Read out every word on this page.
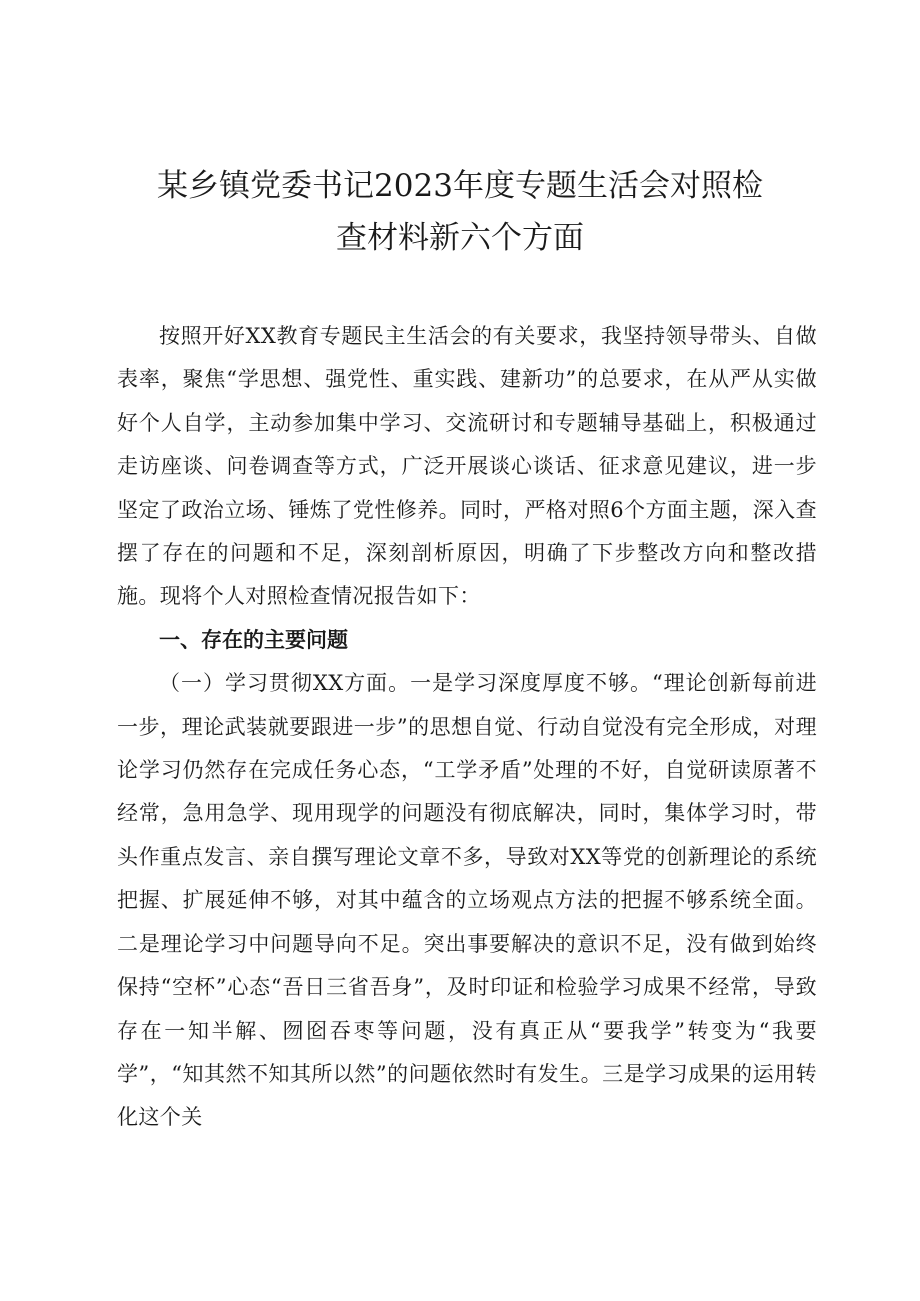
某乡镇党委书记2023年度专题生活会对照检
查材料新六个方面

按照开好XX教育专题民主生活会的有关要求，我坚持领导带头、自做表率，聚焦“学思想、强党性、重实践、建新功”的总要求，在从严从实做好个人自学，主动参加集中学习、交流研讨和专题辅导基础上，积极通过走访座谈、问卷调查等方式，广泛开展谈心谈话、征求意见建议，进一步坚定了政治立场、锤炼了党性修养。同时，严格对照6个方面主题，深入查摆了存在的问题和不足，深刻剖析原因，明确了下步整改方向和整改措施。现将个人对照检查情况报告如下：

一、存在的主要问题

（一）学习贯彻XX方面。一是学习深度厚度不够。“理论创新每前进一步，理论武装就要跟进一步”的思想自觉、行动自觉没有完全形成，对理论学习仍然存在完成任务心态，“工学矛盾”处理的不好，自觉研读原著不经常，急用急学、现用现学的问题没有彻底解决，同时，集体学习时，带头作重点发言、亲自撰写理论文章不多，导致对XX等党的创新理论的系统把握、扩展延伸不够，对其中蕴含的立场观点方法的把握不够系统全面。二是理论学习中问题导向不足。突出事要解决的意识不足，没有做到始终保持“空杯”心态“吾日三省吾身”，及时印证和检验学习成果不经常，导致存在一知半解、囫囵吞枣等问题，没有真正从“要我学”转变为“我要学”，“知其然不知其所以然”的问题依然时有发生。三是学习成果的运用转化这个关
